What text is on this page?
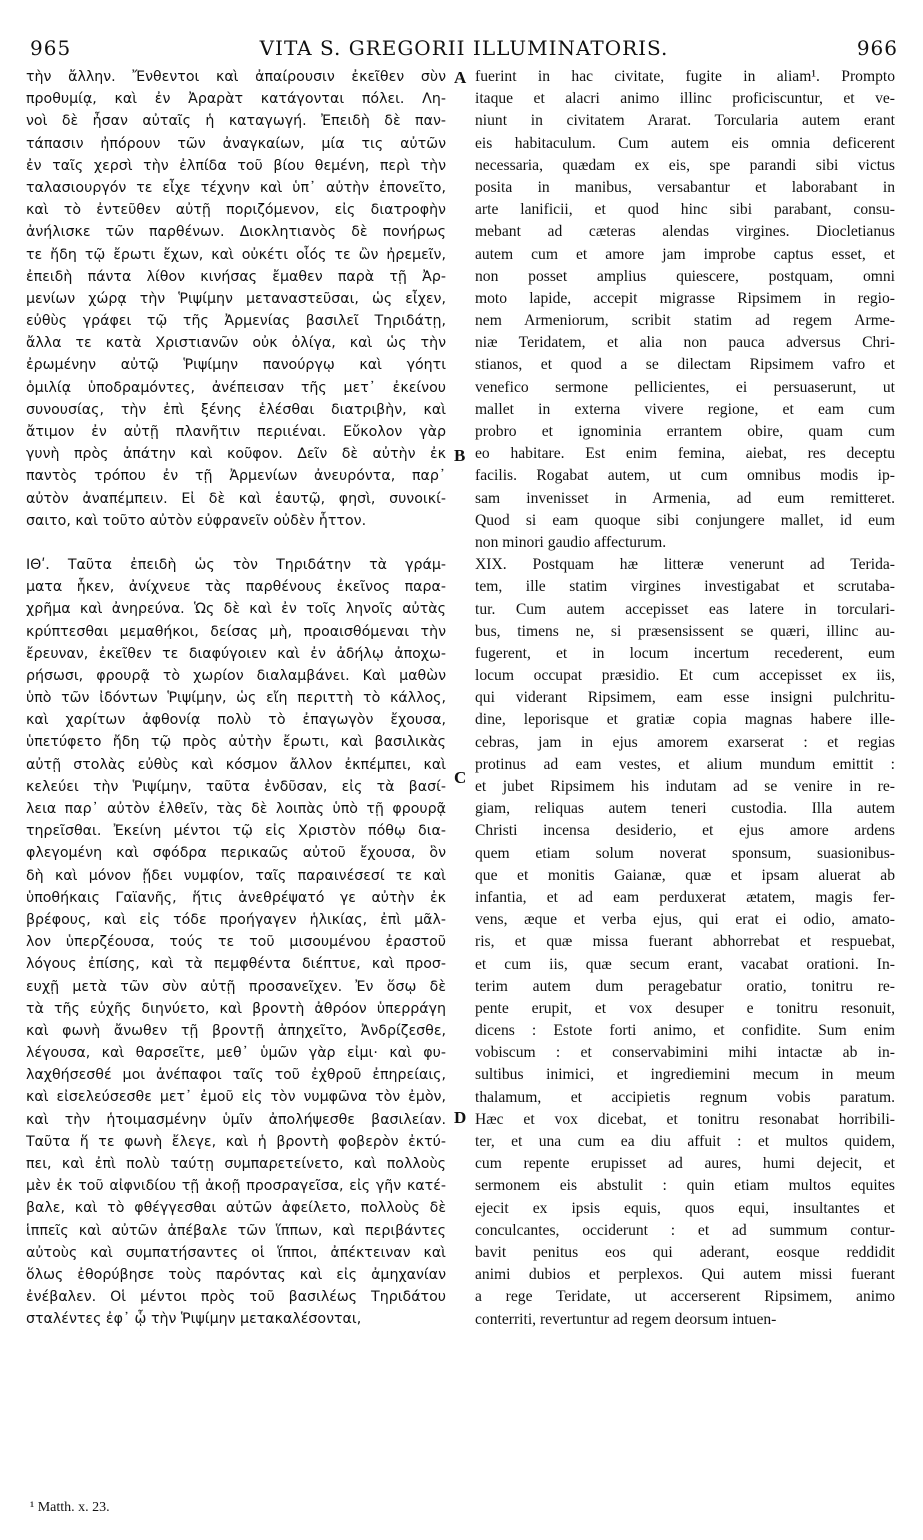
965	VITA S. GREGORII ILLUMINATORIS.	966
τὴν ἄλλην. Ἔνθεντοι καὶ ἀπαίρουσιν ἐκεῖθεν σὺν
προθυμίᾳ, καὶ ἐν Ἀραρὰτ κατάγονται πόλει. Λη-
νοὶ δὲ ἦσαν αὐταῖς ἡ καταγωγή. Ἐπειδὴ δὲ παν-
τάπασιν ἠπόρουν τῶν ἀναγκαίων, μία τις αὐτῶν
ἐν ταῖς χερσὶ τὴν ἐλπίδα τοῦ βίου θεμένη, περὶ τὴν
ταλασιουργόν τε εἶχε τέχνην καὶ ὑπ᾽ αὐτὴν ἐπονεῖτο,
καὶ τὸ ἐντεῦθεν αὐτῇ ποριζόμενον, εἰς διατροφὴν
ἀνήλισκε τῶν παρθένων. Διοκλητιανὸς δὲ πονήρως
τε ἤδη τῷ ἔρωτι ἔχων, καὶ οὐκέτι οἷός τε ὢν ἠρεμεῖν,
ἐπειδὴ πάντα λίθον κινήσας ἔμαθεν παρὰ τῇ Ἀρ-
μενίων χώρᾳ τὴν Ῥιψίμην μεταναστεῦσαι, ὡς εἶχεν,
εὐθὺς γράφει τῷ τῆς Ἀρμενίας βασιλεῖ Τηριδάτῃ,
ἄλλα τε κατὰ Χριστιανῶν οὐκ ὀλίγα, καὶ ὡς τὴν
ἐρωμένην αὐτῷ Ῥιψίμην πανούργῳ καὶ γόητι
ὁμιλίᾳ ὑποδραμόντες, ἀνέπεισαν τῆς μετ᾽ ἐκείνου
συνουσίας, τὴν ἐπὶ ξένης ἑλέσθαι διατριβὴν, καὶ
ἄτιμον ἐν αὐτῇ πλανῆτιν περιιέναι. Εὔκολον γὰρ
γυνὴ πρὸς ἀπάτην καὶ κοῦφον. Δεῖν δὲ αὐτὴν ἐκ
παντὸς τρόπου ἐν τῇ Ἀρμενίων ἀνευρόντα, παρ᾽
αὐτὸν ἀναπέμπειν. Εἰ δὲ καὶ ἑαυτῷ, φησὶ, συνοικί-
σαιτο, καὶ τοῦτο αὐτὸν εὐφρανεῖν οὐδὲν ἧττον.
ΙΘʹ. Ταῦτα ἐπειδὴ ὡς τὸν Τηριδάτην τὰ γράμ-
ματα ἧκεν, ἀνίχνευε τὰς παρθένους ἐκεῖνος παρα-
χρῆμα καὶ ἀνηρεύνα. Ὡς δὲ καὶ ἐν τοῖς ληνοῖς αὐτὰς
κρύπτεσθαι μεμαθήκοι, δείσας μὴ, προαισθόμεναι τὴν
ἔρευναν, ἐκεῖθεν τε διαφύγοιεν καὶ ἐν ἀδήλῳ ἀποχω-
ρήσωσι, φρουρᾷ τὸ χωρίον διαλαμβάνει. Καὶ μαθὼν
ὑπὸ τῶν ἰδόντων Ῥιψίμην, ὡς εἴη περιττὴ τὸ κάλλος,
καὶ χαρίτων ἀφθονίᾳ πολὺ τὸ ἐπαγωγὸν ἔχουσα,
ὑπετύφετο ἤδη τῷ πρὸς αὐτὴν ἔρωτι, καὶ βασιλικὰς
αὐτῇ στολὰς εὐθὺς καὶ κόσμον ἄλλον ἐκπέμπει, καὶ
κελεύει τὴν Ῥιψίμην, ταῦτα ἐνδῦσαν, εἰς τὰ βασί-
λεια παρ᾽ αὐτὸν ἐλθεῖν, τὰς δὲ λοιπὰς ὑπὸ τῇ φρουρᾷ
τηρεῖσθαι. Ἐκείνη μέντοι τῷ εἰς Χριστὸν πόθῳ δια-
φλεγομένη καὶ σφόδρα περικαῶς αὐτοῦ ἔχουσα, ὃν
δὴ καὶ μόνον ᾔδει νυμφίον, ταῖς παραινέσεσί τε καὶ
ὑποθήκαις Γαϊανῆς, ἥτις ἀνεθρέψατό γε αὐτὴν ἐκ
βρέφους, καὶ εἰς τόδε προήγαγεν ἡλικίας, ἐπὶ μᾶλ-
λον ὑπερζέουσα, τούς τε τοῦ μισουμένου ἐραστοῦ
λόγους ἐπίσης, καὶ τὰ πεμφθέντα διέπτυε, καὶ προσ-
ευχῇ μετὰ τῶν σὺν αὐτῇ προσανεῖχεν. Ἐν ὅσῳ δὲ
τὰ τῆς εὐχῆς διηνύετο, καὶ βροντὴ ἀθρόον ὑπερράγη
καὶ φωνὴ ἄνωθεν τῇ βροντῇ ἀπηχεῖτο, Ἀνδρίζεσθε,
λέγουσα, καὶ θαρσεῖτε, μεθ᾽ ὑμῶν γὰρ εἰμι· καὶ φυ-
λαχθήσεσθέ μοι ἀνέπαφοι ταῖς τοῦ ἐχθροῦ ἐπηρείαις,
καὶ εἰσελεύσεσθε μετ᾽ ἐμοῦ εἰς τὸν νυμφῶνα τὸν ἐμὸν,
καὶ τὴν ἡτοιμασμένην ὑμῖν ἀπολήψεσθε βασιλείαν.
Ταῦτα ἥ τε φωνὴ ἔλεγε, καὶ ἡ βροντὴ φοβερὸν ἐκτύ-
πει, καὶ ἐπὶ πολὺ ταύτῃ συμπαρετείνετο, καὶ πολλοὺς
μὲν ἐκ τοῦ αἰφνιδίου τῇ ἀκοῇ προσραγεῖσα, εἰς γῆν κατέ-
βαλε, καὶ τὸ φθέγγεσθαι αὐτῶν ἀφείλετο, πολλοὺς δὲ
ἱππεῖς καὶ αὐτῶν ἀπέβαλε τῶν ἵππων, καὶ περιβάντες
αὐτοὺς καὶ συμπατήσαντες οἱ ἵπποι, ἀπέκτειναν καὶ
ὅλως ἐθορύβησε τοὺς παρόντας καὶ εἰς ἀμηχανίαν
ἐνέβαλεν. Οἱ μέντοι πρὸς τοῦ βασιλέως Τηριδάτου
σταλέντες ἐφ᾽ ᾧ τὴν Ῥιψίμην μετακαλέσονται,
fuerint in hac civitate, fugite in aliam¹. Prompto
itaque et alacri animo illinc proficiscuntur, et ve-
niunt in civitatem Ararat. Torcularia autem erant
eis habitaculum. Cum autem eis omnia deficerent
necessaria, quædam ex eis, spe parandi sibi victus
posita in manibus, versabantur et laborabant in
arte lanificii, et quod hinc sibi parabant, consu-
mebant ad cæteras alendas virgines. Diocletianus
autem cum et amore jam improbe captus esset, et
non posset amplius quiescere, postquam, omni
moto lapide, accepit migrasse Ripsimem in regio-
nem Armeniorum, scribit statim ad regem Arme-
niæ Teridatem, et alia non pauca adversus Chri-
stianos, et quod a se dilectam Ripsimem vafro et
venefico sermone pellicientes, ei persuaserunt, ut
mallet in externa vivere regione, et eam cum
probro et ignominia errantem obire, quam cum
eo habitare. Est enim femina, aiebat, res deceptu
facilis. Rogabat autem, ut cum omnibus modis ip-
sam invenisset in Armenia, ad eum remitteret.
Quod si eam quoque sibi conjungere mallet, id eum
non minori gaudio affecturum.
XIX. Postquam hæ litteræ venerunt ad Terida-
tem, ille statim virgines investigabat et scrutaba-
tur. Cum autem accepisset eas latere in torculari-
bus, timens ne, si præsensissent se quæri, illinc au-
fugerent, et in locum incertum recederent, eum
locum occupat præsidio. Et cum accepisset ex iis,
qui viderant Ripsimem, eam esse insigni pulchritu-
dine, leporisque et gratiæ copia magnas habere ille-
cebras, jam in ejus amorem exarserat : et regias
protinus ad eam vestes, et alium mundum emittit :
et jubet Ripsimem his indutam ad se venire in re-
giam, reliquas autem teneri custodia. Illa autem
Christi incensa desiderio, et ejus amore ardens
quem etiam solum noverat sponsum, suasionibus-
que et monitis Gaianæ, quæ et ipsam aluerat ab
infantia, et ad eam perduxerat ætatem, magis fer-
vens, æque et verba ejus, qui erat ei odio, amato-
ris, et quæ missa fuerant abhorrebat et respuebat,
et cum iis, quæ secum erant, vacabat orationi. In-
terim autem dum peragebatur oratio, tonitru re-
pente erupit, et vox desuper e tonitru resonuit,
dicens : Estote forti animo, et confidite. Sum enim
vobiscum : et conservabimini mihi intactæ ab in-
sultibus inimici, et ingrediemini mecum in meum
thalamum, et accipietis regnum vobis paratum.
Hæc et vox dicebat, et tonitru resonabat horribili-
ter, et una cum ea diu affuit : et multos quidem,
cum repente erupisset ad aures, humi dejecit, et
sermonem eis abstulit : quin etiam multos equites
ejecit ex ipsis equis, quos equi, insultantes et
conculcantes, occiderunt : et ad summum contur-
bavit penitus eos qui aderant, eosque reddidit
animi dubios et perplexos. Qui autem missi fuerant
a rege Teridate, ut accerserent Ripsimem, animo
conterriti, revertuntur ad regem deorsum intuen-
A
B
C
D
¹ Matth. x. 23.
